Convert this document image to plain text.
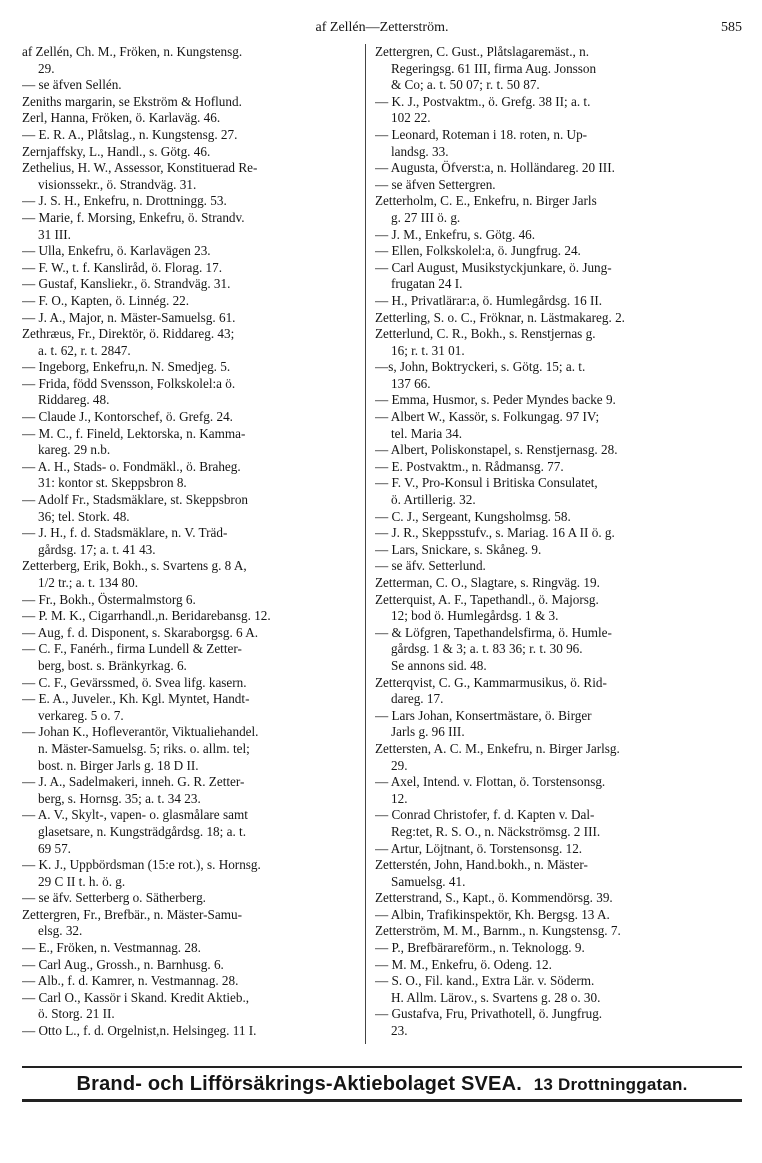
af Zellén—Zetterström.	585
af Zellén, Ch. M., Fröken, n. Kungstensg.
29.
— se äfven Sellén.
Zeniths margarin, se Ekström & Hoflund.
Zerl, Hanna, Fröken, ö. Karlaväg. 46.
— E. R. A., Plåtslag., n. Kungstensg. 27.
Zernjaffsky, L., Handl., s. Götg. 46.
Zethelius, H. W., Assessor, Konstituerad Re-
visionssekr., ö. Strandväg. 31.
— J. S. H., Enkefru, n. Drottningg. 53.
— Marie, f. Morsing, Enkefru, ö. Strandv.
31 III.
— Ulla, Enkefru, ö. Karlavägen 23.
— F. W., t. f. Kansliråd, ö. Florag. 17.
— Gustaf, Kansliekr., ö. Strandväg. 31.
— F. O., Kapten, ö. Linnég. 22.
— J. A., Major, n. Mäster-Samuelsg. 61.
Zethræus, Fr., Direktör, ö. Riddareg. 43;
a. t. 62, r. t. 2847.
— Ingeborg, Enkefru,n. N. Smedjeg. 5.
— Frida, född Svensson, Folkskolel:a ö.
Riddareg. 48.
— Claude J., Kontorschef, ö. Grefg. 24.
— M. C., f. Fineld, Lektorska, n. Kamma-
kareg. 29 n.b.
— A. H., Stads- o. Fondmäkl., ö. Braheg.
31: kontor st. Skeppsbron 8.
— Adolf Fr., Stadsmäklare, st. Skeppsbron
36; tel. Stork. 48.
— J. H., f. d. Stadsmäklare, n. V. Träd-
gårdsg. 17; a. t. 41 43.
Zetterberg, Erik, Bokh., s. Svartens g. 8 A,
1/2 tr.; a. t. 134 80.
— Fr., Bokh., Östermalmstorg 6.
— P. M. K., Cigarrhandl.,n. Beridarebansg. 12.
— Aug, f. d. Disponent, s. Skaraborgsg. 6 A.
— C. F., Fanérh., firma Lundell & Zetter-
berg, bost. s. Bränkyrkag. 6.
— C. F., Gevärssmed, ö. Svea lifg. kasern.
— E. A., Juveler., Kh. Kgl. Myntet, Handt-
verkareg. 5 o. 7.
— Johan K., Hofleverantör, Viktualiehandel.
n. Mäster-Samuelsg. 5; riks. o. allm. tel;
bost. n. Birger Jarls g. 18 D II.
— J. A., Sadelmakeri, inneh. G. R. Zetter-
berg, s. Hornsg. 35; a. t. 34 23.
— A. V., Skylt-, vapen- o. glasmålare samt
glasetsare, n. Kungsträdgårdsg. 18; a. t.
69 57.
— K. J., Uppbördsman (15:e rot.), s. Hornsg.
29 C II t. h. ö. g.
— se äfv. Setterberg o. Sätherberg.
Zettergren, Fr., Brefbär., n. Mäster-Samu-
elsg. 32.
— E., Fröken, n. Vestmannag. 28.
— Carl Aug., Grossh., n. Barnhusg. 6.
— Alb., f. d. Kamrer, n. Vestmannag. 28.
— Carl O., Kassör i Skand. Kredit Aktieb.,
ö. Storg. 21 II.
— Otto L., f. d. Orgelnist,n. Helsingeg. 11 I.
Zettergren, C. Gust., Plåtslagaremäst., n.
Regeringsg. 61 III, firma Aug. Jonsson
& Co; a. t. 50 07; r. t. 50 87.
— K. J., Postvaktm., ö. Grefg. 38 II; a. t.
102 22.
— Leonard, Roteman i 18. roten, n. Up-
landsg. 33.
— Augusta, Öfverst:a, n. Holländareg. 20 III.
— se äfven Settergren.
Zetterholm, C. E., Enkefru, n. Birger Jarls
g. 27 III ö. g.
— J. M., Enkefru, s. Götg. 46.
— Ellen, Folkskolel:a, ö. Jungfrug. 24.
— Carl August, Musikstyckjunkare, ö. Jung-
frugatan 24 I.
— H., Privatlärar:a, ö. Humlegårdsg. 16 II.
Zetterling, S. o. C., Fröknar, n. Lästmakareg. 2.
Zetterlund, C. R., Bokh., s. Renstjernas g.
16; r. t. 31 01.
—s, John, Boktryckeri, s. Götg. 15; a. t.
137 66.
— Emma, Husmor, s. Peder Myndes backe 9.
— Albert W., Kassör, s. Folkungag. 97 IV;
tel. Maria 34.
— Albert, Poliskonstapel, s. Renstjernasg. 28.
— E. Postvaktm., n. Rådmansg. 77.
— F. V., Pro-Konsul i Britiska Consulatet,
ö. Artillerig. 32.
— C. J., Sergeant, Kungsholmsg. 58.
— J. R., Skeppsstufv., s. Mariag. 16 A II ö. g.
— Lars, Snickare, s. Skåneg. 9.
— se äfv. Setterlund.
Zetterman, C. O., Slagtare, s. Ringväg. 19.
Zetterquist, A. F., Tapethandl., ö. Majorsg.
12; bod ö. Humlegårdsg. 1 & 3.
— & Löfgren, Tapethandelsfirma, ö. Humle-
gårdsg. 1 & 3; a. t. 83 36; r. t. 30 96.
Se annons sid. 48.
Zetterqvist, C. G., Kammarmusikus, ö. Rid-
dareg. 17.
— Lars Johan, Konsertmästare, ö. Birger
Jarls g. 96 III.
Zettersten, A. C. M., Enkefru, n. Birger Jarlsg.
29.
— Axel, Intend. v. Flottan, ö. Torstensonsg.
12.
— Conrad Christofer, f. d. Kapten v. Dal-
Reg:tet, R. S. O., n. Näckströmsg. 2 III.
— Artur, Löjtnant, ö. Torstensonsg. 12.
Zetterstén, John, Hand.bokh., n. Mäster-
Samuelsg. 41.
Zetterstrand, S., Kapt., ö. Kommendörsg. 39.
— Albin, Trafikinspektör, Kh. Bergsg. 13 A.
Zetterström, M. M., Barnm., n. Kungstensg. 7.
— P., Brefbärareförm., n. Teknologg. 9.
— M. M., Enkefru, ö. Odeng. 12.
— S. O., Fil. kand., Extra Lär. v. Söderm.
H. Allm. Lärov., s. Svartens g. 28 o. 30.
— Gustafva, Fru, Privathotell, ö. Jungfrug.
23.
Brand- och Lifförsäkrings-Aktiebolaget SVEA. 13 Drottninggatan.
